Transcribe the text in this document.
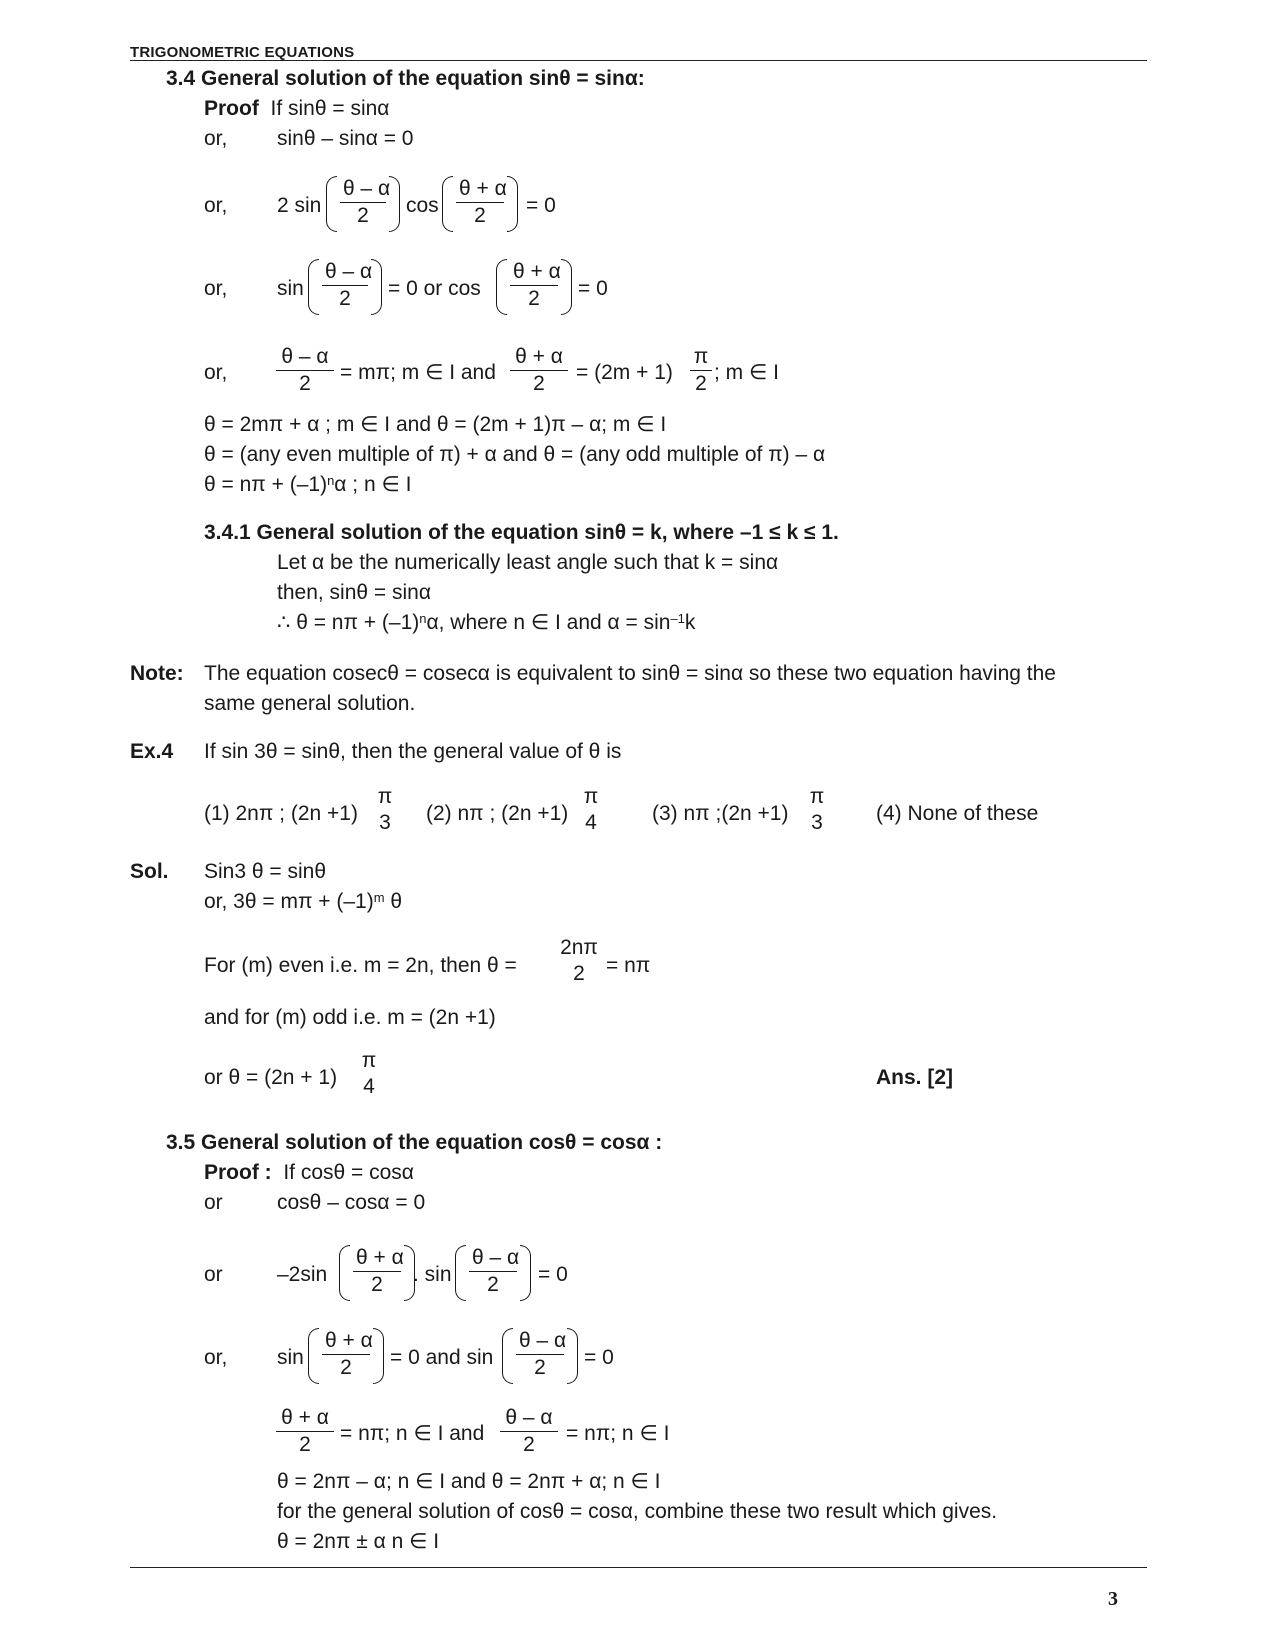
TRIGONOMETRIC EQUATIONS
3.4 General solution of the equation sinθ = sinα:
Proof If sinθ = sinα
or, sinθ – sinα = 0
or, 2 $\sin \frac{\theta - \alpha}{2}$ $\cos \frac{\theta + \alpha}{2} = 0$
or, $\sin \frac{\theta - \alpha}{2} = 0$ or $\cos \frac{\theta + \alpha}{2} = 0$
or, $\frac{\theta - \alpha}{2} = m\pi$; m ∈ I and $\frac{\theta + \alpha}{2} = (2m + 1) \frac{\pi}{2}$ ; m ∈ I
θ = 2mπ + α ; m ∈ I and θ = (2m + 1)π – α; m ∈ I
θ = (any even multiple of π) + α and θ = (any odd multiple of π) – α
$\theta = n\pi + (-1)^n\alpha$ ; n ∈ I
3.4.1 General solution of the equation sinθ = k, where –1 ≤ k ≤ 1.
Let α be the numerically least angle such that k = sinα
then, sinθ = sinα
∴ $\theta = n\pi + (-1)^n\alpha$, where n ∈ I and $\alpha = \sin^{-1}k$
Note: The equation cosecθ = cosecα is equivalent to sinθ = sinα so these two equation having the
same general solution.
Ex.4 If sin 3θ = sinθ, then the general value of θ is
(1) 2nπ ; (2n +1)
π
3 (2) nπ ; (2n +1)
π
4	(3) nπ ;(2n +1)
π
3	(4) None of these
Sol. Sin3 θ = sinθ
or, $3\theta = m\pi + (-1)^m$ θ
For (m) even i.e. m = 2n, then θ =
2nπ
2	= nπ
and for (m) odd i.e. m = (2n +1)
or θ = (2n + 1)
π
4	Ans. [2]
3.5 General solution of the equation cosθ = cosα :
Proof : If cosθ = cosα
or	cosθ – cosα = 0
or	$-2\sin \frac{\theta + \alpha}{2}$ . $\sin \frac{\theta - \alpha}{2} = 0$
or, $\sin \frac{\theta + \alpha}{2} = 0$ and $\sin \frac{\theta - \alpha}{2} = 0$
$\frac{\theta + \alpha}{2} = n\pi$; n ∈ I and $\frac{\theta - \alpha}{2} = n\pi$; n ∈ I
θ = 2nπ – α; n ∈ I and θ = 2nπ + α; n ∈ I
for the general solution of cosθ = cosα, combine these two result which gives.
θ = 2nπ ± α n ∈ I
3
